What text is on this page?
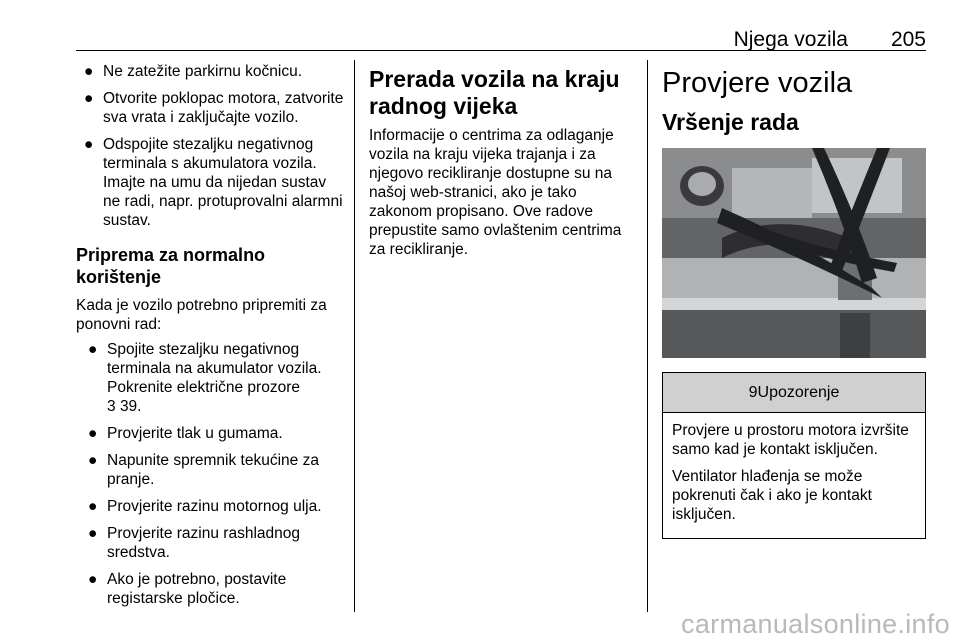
Njega vozila 205
● Ne zatežite parkirnu kočnicu.
● Otvorite poklopac motora, zatvorite sva vrata i zaključajte vozilo.
● Odspojite stezaljku negativnog terminala s akumulatora vozila. Imajte na umu da nijedan sustav ne radi, napr. protuprovalni alarmni sustav.
Priprema za normalno korištenje

Kada je vozilo potrebno pripremiti za ponovni rad:

● Spojite stezaljku negativnog terminala na akumulator vozila. Pokrenite električne prozore
3 39.
● Provjerite tlak u gumama.
● Napunite spremnik tekućine za pranje.
● Provjerite razinu motornog ulja.
● Provjerite razinu rashladnog sredstva.
● Ako je potrebno, postavite registarske pločice.
Prerada vozila na kraju radnog vijeka

Informacije o centrima za odlaganje vozila na kraju vijeka trajanja i za njegovo recikliranje dostupne su na našoj web-stranici, ako je tako zakonom propisano. Ove radove prepustite samo ovlaštenim centrima za recikliranje.

Provjere vozila
Vršenje rada
9Upozorenje

Provjere u prostoru motora izvršite samo kad je kontakt isključen.

Ventilator hlađenja se može pokrenuti čak i ako je kontakt isključen.

carmanualsonline.info
